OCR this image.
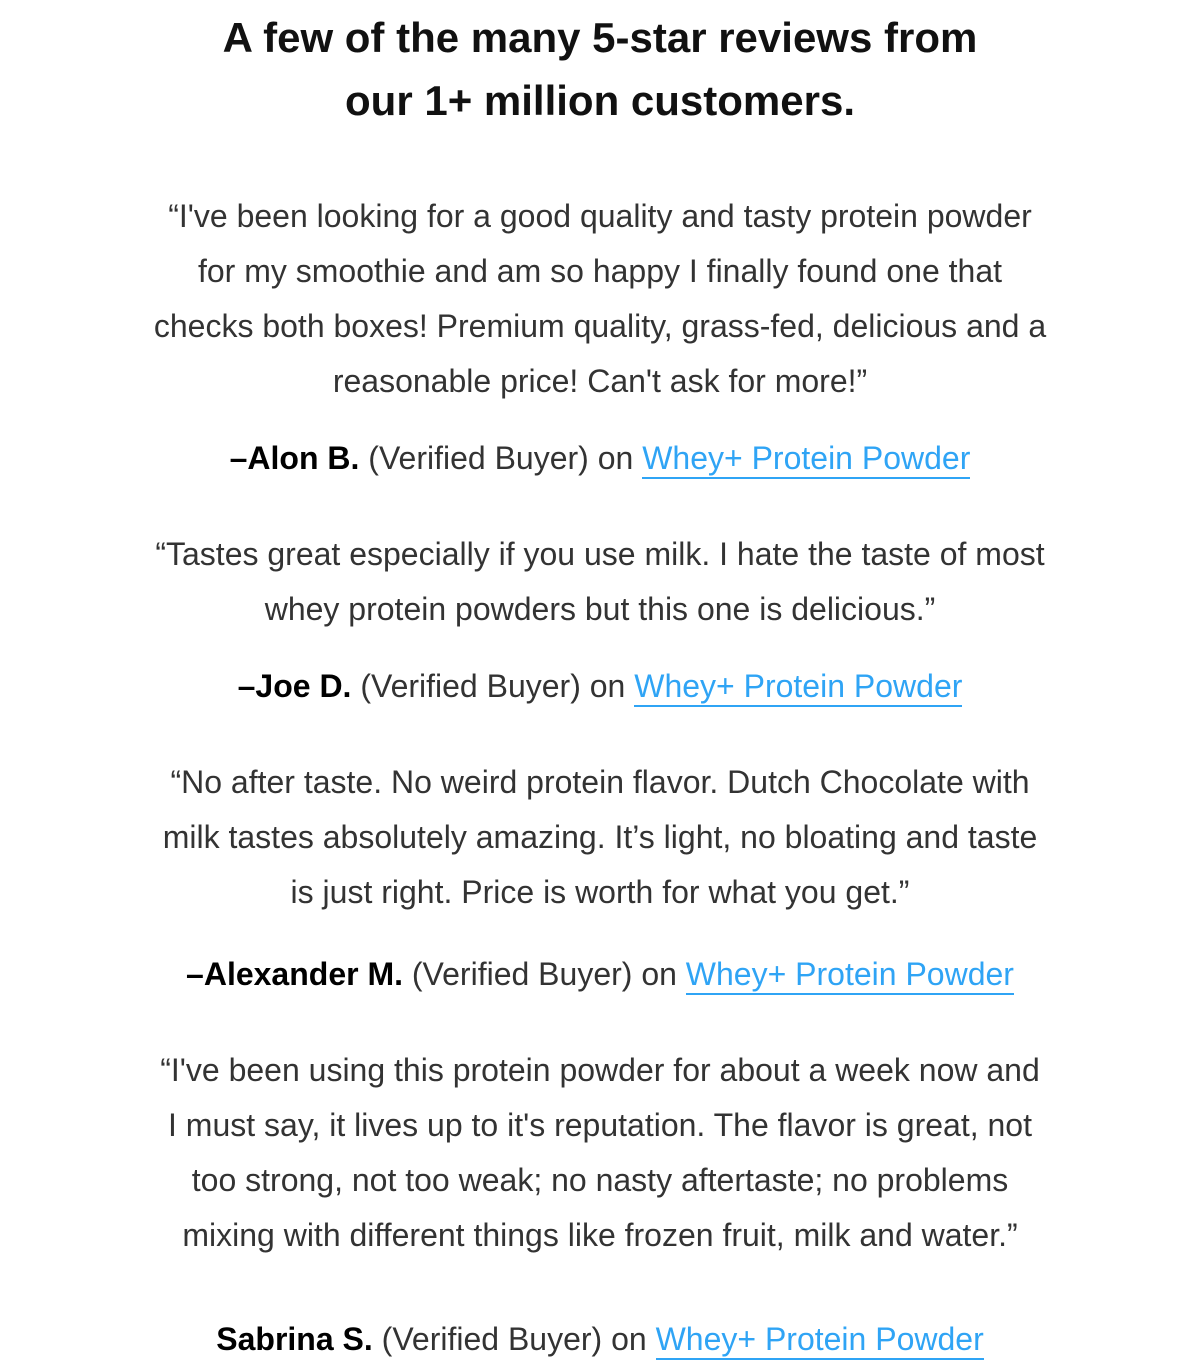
A few of the many 5-star reviews from
our 1+ million customers.

“I've been looking for a good quality and tasty protein powder
for my smoothie and am so happy I finally found one that
checks both boxes! Premium quality, grass-fed, delicious and a
reasonable price! Can't ask for more!”

–Alon B. (Verified Buyer) on Whey+ Protein Powder

“Tastes great especially if you use milk. I hate the taste of most
whey protein powders but this one is delicious.”

–Joe D. (Verified Buyer) on Whey+ Protein Powder

“No after taste. No weird protein flavor. Dutch Chocolate with
milk tastes absolutely amazing. It’s light, no bloating and taste
is just right. Price is worth for what you get.”

–Alexander M. (Verified Buyer) on Whey+ Protein Powder

“I've been using this protein powder for about a week now and
I must say, it lives up to it's reputation. The flavor is great, not
too strong, not too weak; no nasty aftertaste; no problems
mixing with different things like frozen fruit, milk and water.”

Sabrina S. (Verified Buyer) on Whey+ Protein Powder
